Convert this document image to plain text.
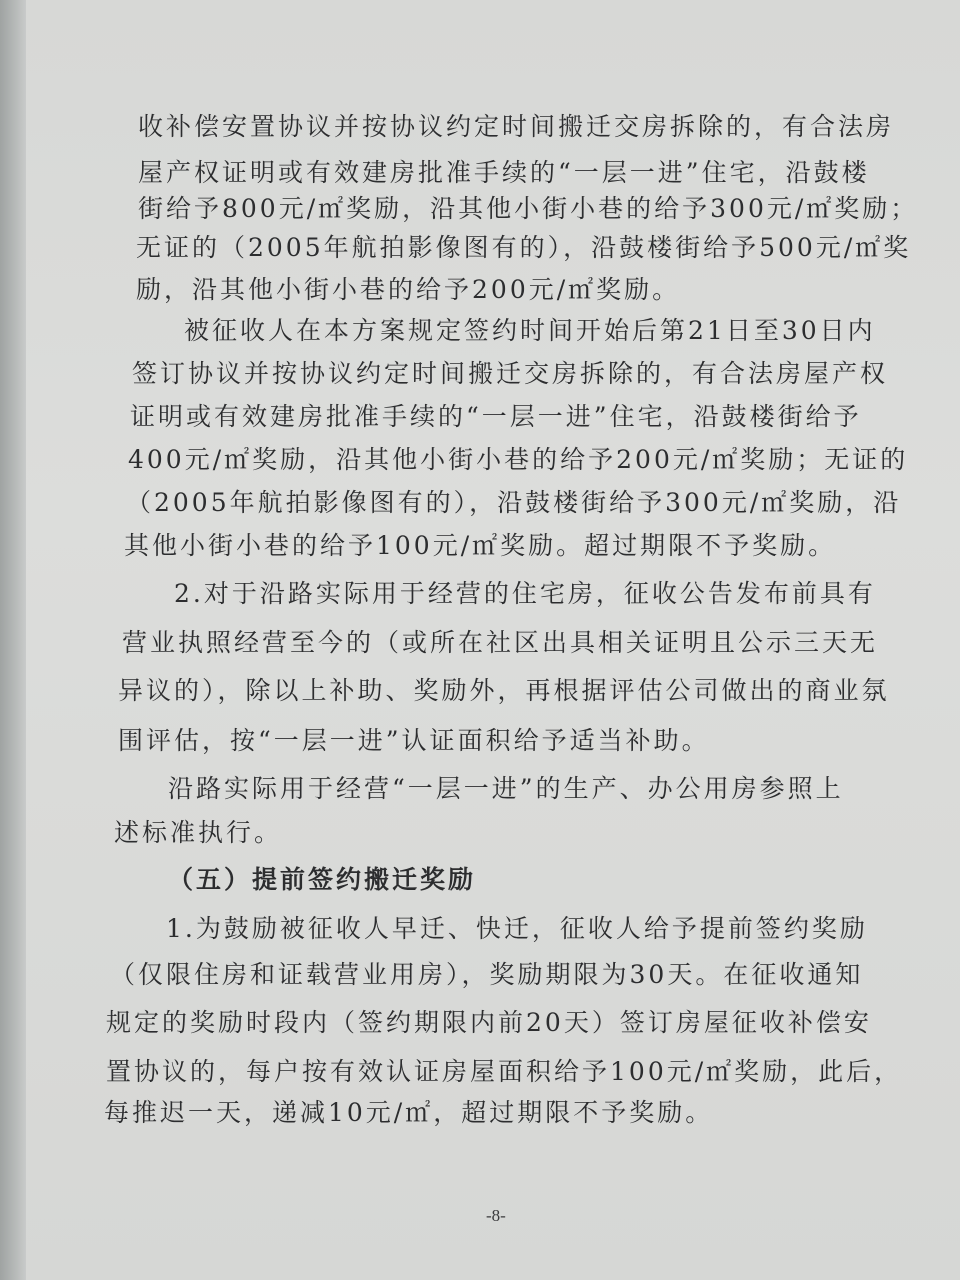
收补偿安置协议并按协议约定时间搬迁交房拆除的，有合法房
屋产权证明或有效建房批准手续的“一层一进”住宅，沿鼓楼
街给予800元/㎡奖励，沿其他小街小巷的给予300元/㎡奖励；
无证的（2005年航拍影像图有的），沿鼓楼街给予500元/㎡奖
励，沿其他小街小巷的给予200元/㎡奖励。
被征收人在本方案规定签约时间开始后第21日至30日内
签订协议并按协议约定时间搬迁交房拆除的，有合法房屋产权
证明或有效建房批准手续的“一层一进”住宅，沿鼓楼街给予
400元/㎡奖励，沿其他小街小巷的给予200元/㎡奖励；无证的
（2005年航拍影像图有的），沿鼓楼街给予300元/㎡奖励，沿
其他小街小巷的给予100元/㎡奖励。超过期限不予奖励。
2.对于沿路实际用于经营的住宅房，征收公告发布前具有
营业执照经营至今的（或所在社区出具相关证明且公示三天无
异议的），除以上补助、奖励外，再根据评估公司做出的商业氛
围评估，按“一层一进”认证面积给予适当补助。
沿路实际用于经营“一层一进”的生产、办公用房参照上
述标准执行。
（五）提前签约搬迁奖励
1.为鼓励被征收人早迁、快迁，征收人给予提前签约奖励
（仅限住房和证载营业用房），奖励期限为30天。在征收通知
规定的奖励时段内（签约期限内前20天）签订房屋征收补偿安
置协议的，每户按有效认证房屋面积给予100元/㎡奖励，此后，
每推迟一天，递减10元/㎡，超过期限不予奖励。
-8-
